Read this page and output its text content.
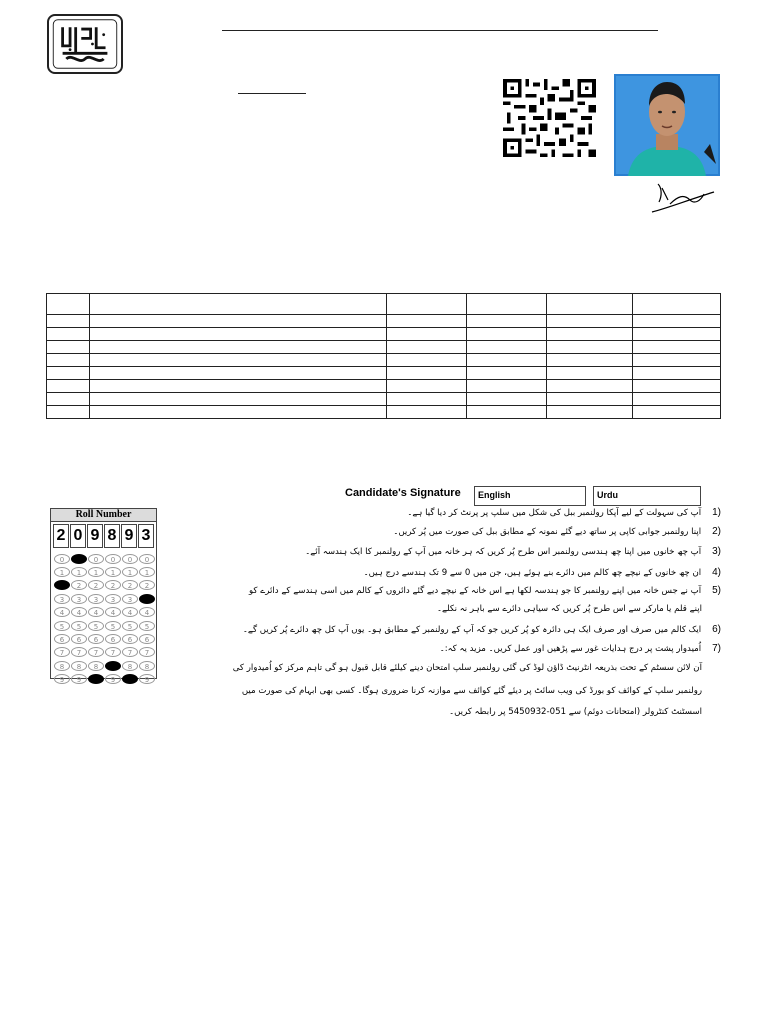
Candidate's Signature	English	Urdu
Roll Number
2 0 9 8 9 3
0	0	0	0	0	0
1	1	1	1	1	1
2	2	2	2	2	2
3	3	3	3	3	3
4	4	4	4	4	4
5	5	5	5	5	5
6	6	6	6	6	6
7	7	7	7	7	7
8	8	8	8	8	8
9	9	9	9	9	9
(1    آپ کی سہولت کے لیے آپکا رولنمبر ببل کی شکل میں سلپ پر پرنٹ کر دیا گیا ہے۔
(2    اپنا رولنمبر جوابی کاپی پر ساتھ دیے گئے نمونہ کے مطابق ببل کی صورت میں پُر کریں۔
(3    آپ چھ خانوں میں اپنا چھ ہندسی رولنمبر اس طرح پُر کریں کہ ہر خانہ میں آپ کے رولنمبر کا ایک ہندسہ آئے۔
(4    ان چھ خانوں کے نیچے چھ کالم میں دائرے بنے ہوئے ہیں، جن میں 0 سے 9 تک ہندسے درج ہیں۔
(5    آپ نے جس خانہ میں اپنے رولنمبر کا جو ہندسہ لکھا ہے اس خانہ کے نیچے دیے گئے دائروں کے کالم میں اسی ہندسے کے دائرے کو
اپنے قلم یا مارکر سے اس طرح پُر کریں کہ سیاہی دائرے سے باہر نہ نکلے۔
(6    ایک کالم میں صرف اور صرف ایک ہی دائرہ کو پُر کریں جو کہ آپ کے رولنمبر کے مطابق ہو۔ یوں آپ کل چھ دائرے پُر کریں گے۔
(7    اُمیدوار پشت پر درج ہدایات غور سے پڑھیں اور عمل کریں۔ مزید یہ کہ:۔
آن لائن سسٹم کے تحت بذریعہ انٹرنیٹ ڈاؤن لوڈ کی گئی رولنمبر سلپ امتحان دینے کیلئے قابل قبول ہو گی تاہم مرکز کو اُمیدوار کی
رولنمبر سلپ کے کوائف کو بورڈ کی ویب سائٹ پر دیئے گئے کوائف سے موازنہ کرنا ضروری ہوگا۔ کسی بھی ابہام کی صورت میں
اسسٹنٹ کنٹرولر (امتحانات دوئم) سے 051-5450932 پر رابطہ کریں۔
